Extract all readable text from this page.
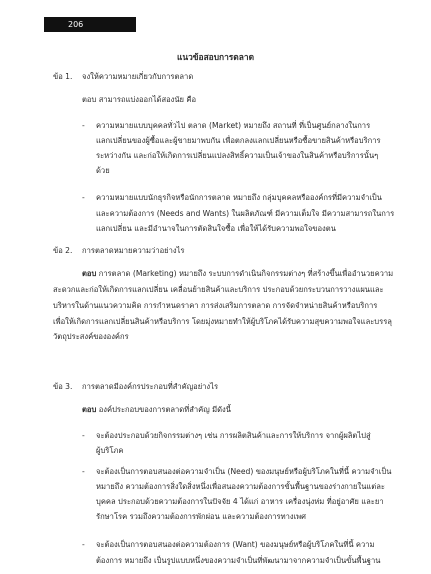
206
แนวข้อสอบการตลาด
ข้อ 1. จงให้ความหมายเกี่ยวกับการตลาด
ตอบ สามารถแบ่งออกได้สองนัย คือ
- ความหมายแบบบุคคลทั่วไป ตลาด (Market) หมายถึง สถานที่ ที่เป็นศูนย์กลางในการ
แลกเปลี่ยนของผู้ซื้อและผู้ขายมาพบกัน เพื่อตกลงแลกเปลี่ยนหรือซื้อขายสินค้าหรือบริการ
ระหว่างกัน และก่อให้เกิดการเปลี่ยนแปลงสิทธิ์ความเป็นเจ้าของในสินค้าหรือบริการนั้นๆ
ด้วย
- ความหมายแบบนักธุรกิจหรือนักการตลาด หมายถึง กลุ่มบุคคลหรือองค์กรที่มีความจำเป็น
และความต้องการ (Needs and Wants) ในผลิตภัณฑ์ มีความเต็มใจ มีความสามารถในการ
แลกเปลี่ยน และมีอำนาจในการตัดสินใจซื้อ เพื่อให้ได้รับความพอใจของตน
ข้อ 2. การตลาดหมายความว่าอย่างไร
ตอบ การตลาด (Marketing) หมายถึง ระบบการดำเนินกิจกรรมต่างๆ ที่สร้างขึ้นเพื่ออำนวยความ
สะดวกและก่อให้เกิดการแลกเปลี่ยน เคลื่อนย้ายสินค้าและบริการ ประกอบด้วยกระบวนการวางแผนและ
บริหารในด้านแนวความคิด การกำหนดราคา การส่งเสริมการตลาด การจัดจำหน่ายสินค้าหรือบริการ
เพื่อให้เกิดการแลกเปลี่ยนสินค้าหรือบริการ โดยมุ่งหมายทำให้ผู้บริโภคได้รับความสุขความพอใจและบรรลุ
วัตถุประสงค์ขององค์กร
ข้อ 3. การตลาดมีองค์กรประกอบที่สำคัญอย่างไร
ตอบ องค์ประกอบของการตลาดที่สำคัญ มีดังนี้
- จะต้องประกอบด้วยกิจกรรมต่างๆ เช่น การผลิตสินค้าและการให้บริการ จากผู้ผลิตไปสู่
ผู้บริโภค
- จะต้องเป็นการตอบสนองต่อความจำเป็น (Need) ของมนุษย์หรือผู้บริโภคในที่นี้ ความจำเป็น
หมายถึง ความต้องการสิ่งใดสิ่งหนึ่งเพื่อสนองความต้องการขั้นพื้นฐานของร่างกายในแต่ละ
บุคคล ประกอบด้วยความต้องการในปัจจัย 4 ได้แก่ อาหาร เครื่องนุ่งห่ม ที่อยู่อาศัย และยา
รักษาโรค รวมถึงความต้องการพักผ่อน และความต้องการทางเพศ
- จะต้องเป็นการตอบสนองต่อความต้องการ (Want) ของมนุษย์หรือผู้บริโภคในที่นี้ ความ
ต้องการ หมายถึง เป็นรูปแบบหนึ่งของความจำเป็นที่พัฒนามาจากความจำเป็นขั้นพื้นฐาน
